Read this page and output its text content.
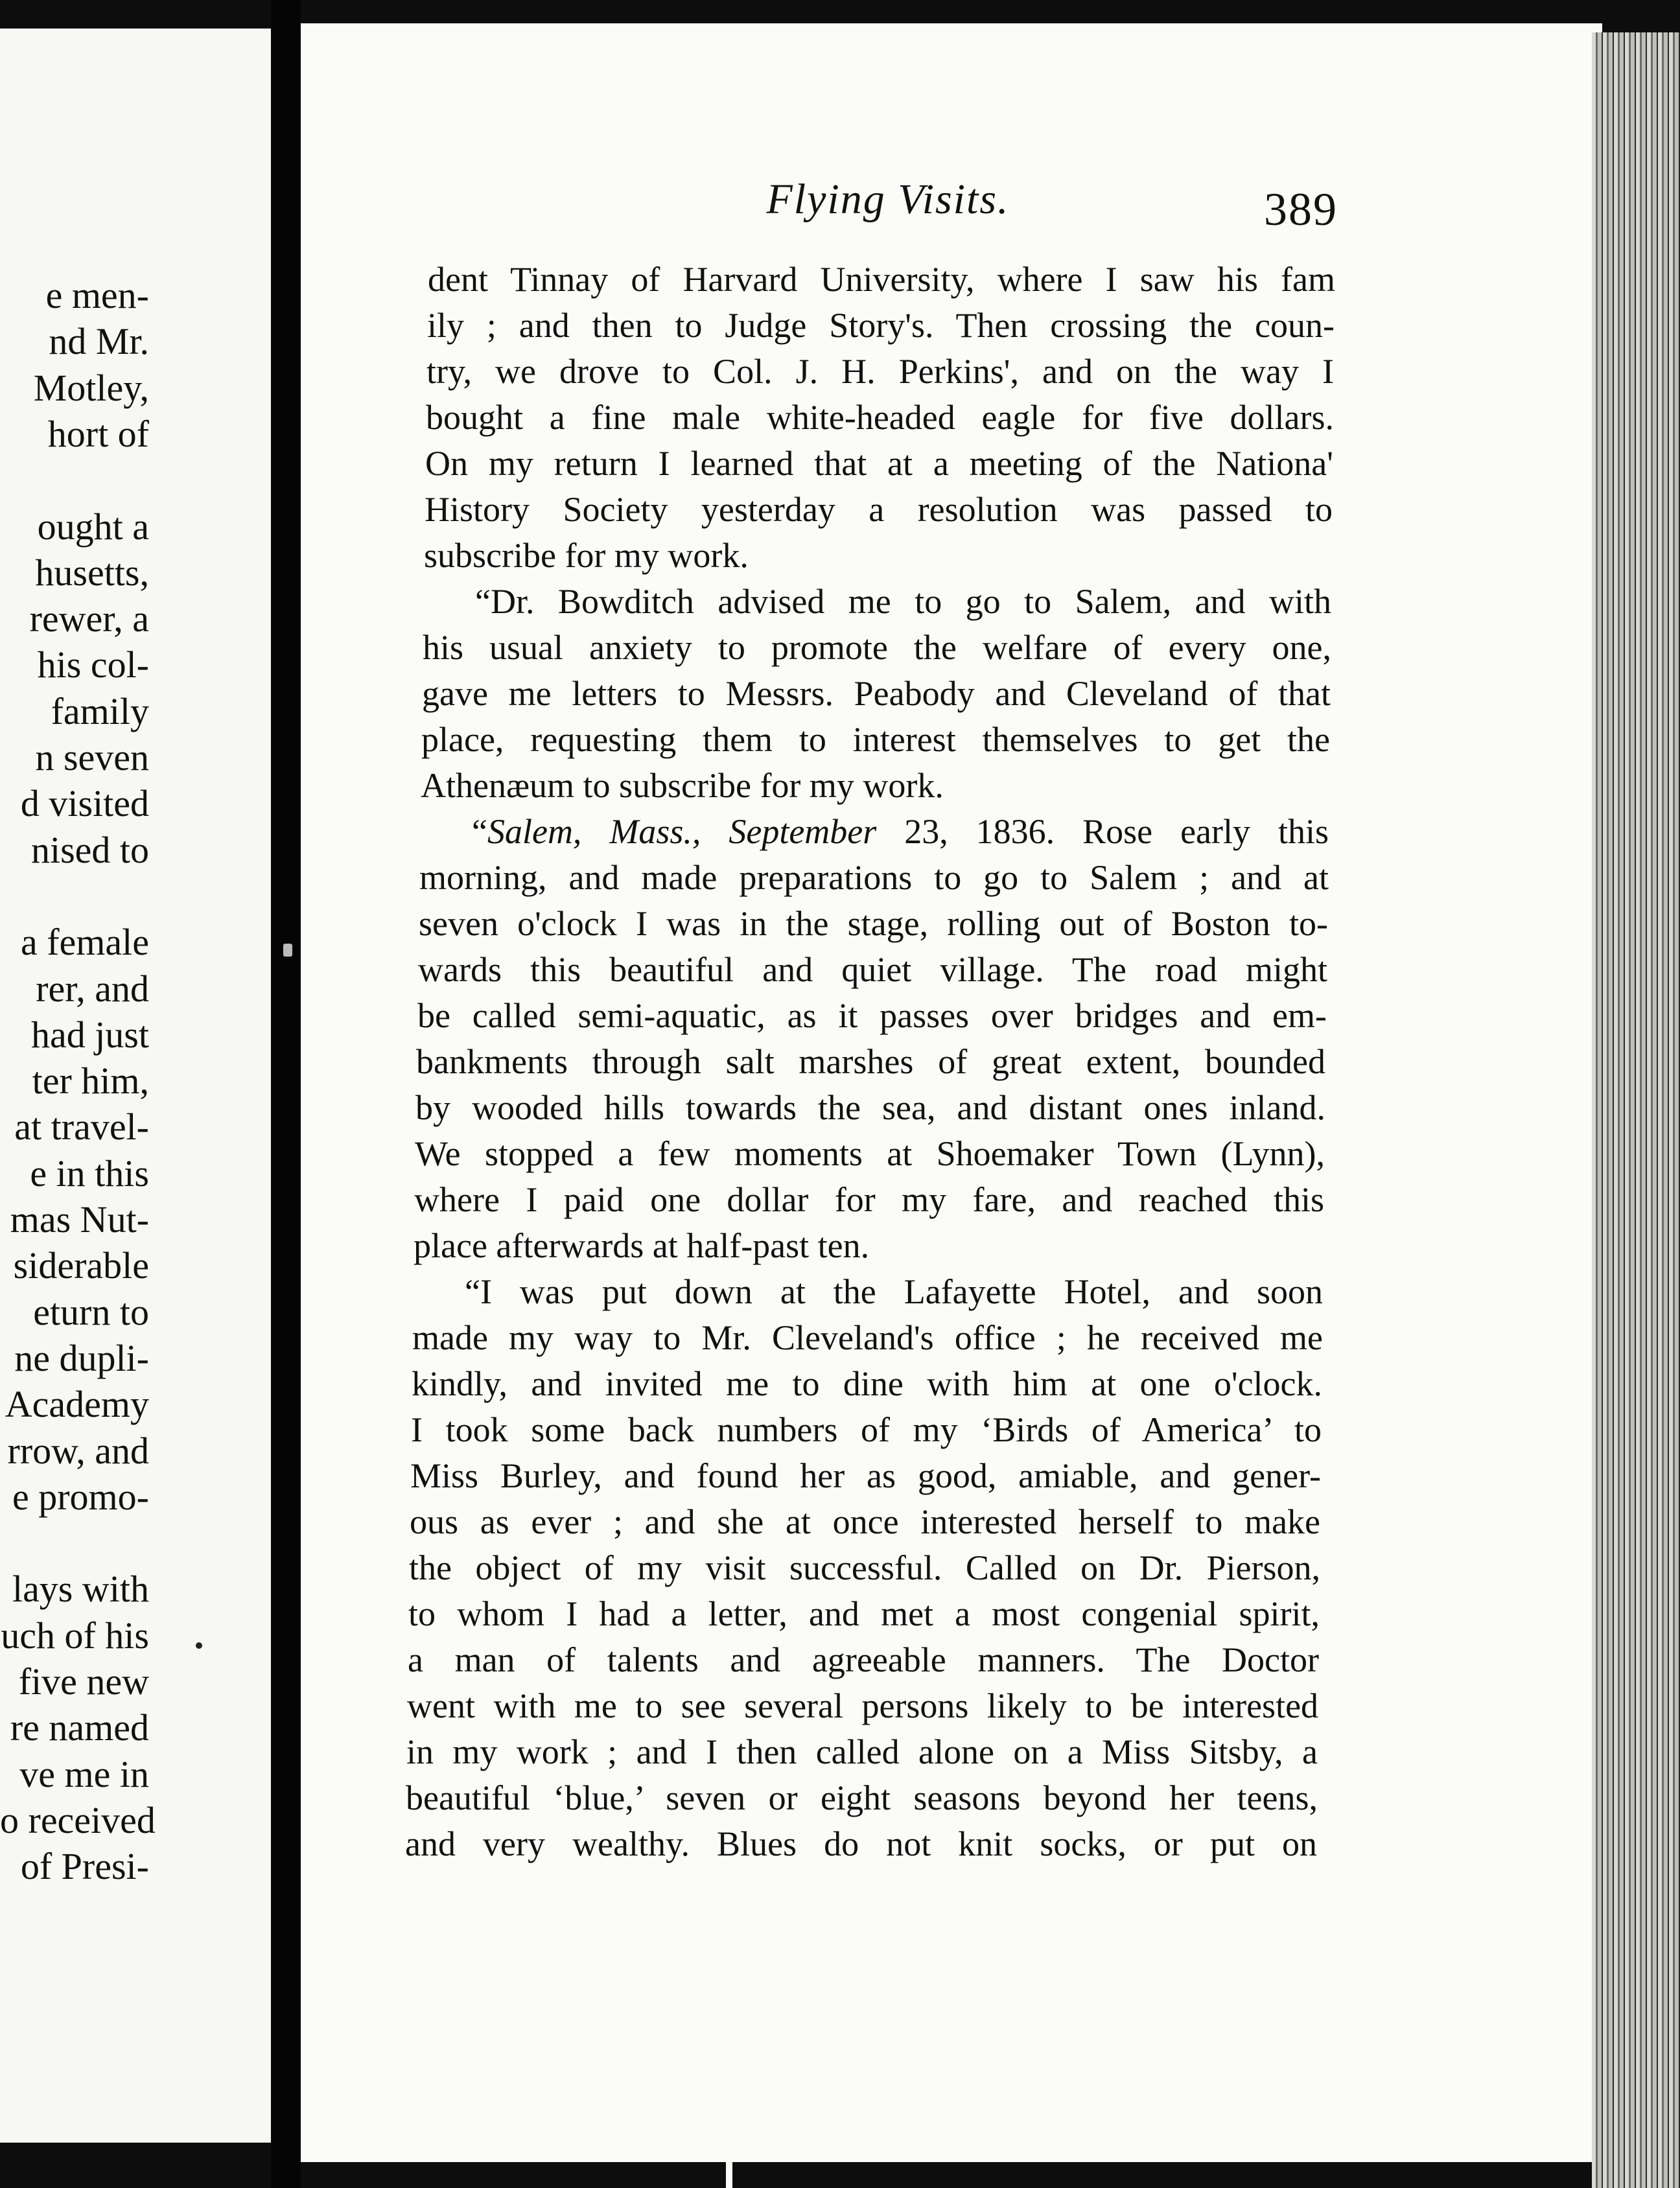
e men-
nd Mr.
Motley,
hort of
ought a
husetts,
rewer, a
his col-
family
n seven
d visited
nised to
a female
rer, and
had just
ter him,
at travel-
e in this
mas Nut-
siderable
eturn to
ne dupli-
Academy
rrow, and
e promo-
lays with
uch of his
five new
re named
ve me in
o received
of Presi-
Flying Visits.	389
dent Tinnay of Harvard University, where I saw his fam
ily ; and then to Judge Story's. Then crossing the coun-
try, we drove to Col. J. H. Perkins', and on the way I
bought a fine male white-headed eagle for five dollars.
On my return I learned that at a meeting of the Nationa'
History Society yesterday a resolution was passed to
subscribe for my work.
“Dr. Bowditch advised me to go to Salem, and with
his usual anxiety to promote the welfare of every one,
gave me letters to Messrs. Peabody and Cleveland of that
place, requesting them to interest themselves to get the
Athenæum to subscribe for my work.
“Salem, Mass., September 23, 1836. Rose early this
morning, and made preparations to go to Salem ; and at
seven o'clock I was in the stage, rolling out of Boston to-
wards this beautiful and quiet village. The road might
be called semi-aquatic, as it passes over bridges and em-
bankments through salt marshes of great extent, bounded
by wooded hills towards the sea, and distant ones inland.
We stopped a few moments at Shoemaker Town (Lynn),
where I paid one dollar for my fare, and reached this
place afterwards at half-past ten.
“I was put down at the Lafayette Hotel, and soon
made my way to Mr. Cleveland's office ; he received me
kindly, and invited me to dine with him at one o'clock.
I took some back numbers of my ‘Birds of America’ to
Miss Burley, and found her as good, amiable, and gener-
ous as ever ; and she at once interested herself to make
the object of my visit successful. Called on Dr. Pierson,
to whom I had a letter, and met a most congenial spirit,
a man of talents and agreeable manners. The Doctor
went with me to see several persons likely to be interested
in my work ; and I then called alone on a Miss Sitsby, a
beautiful ‘blue,’ seven or eight seasons beyond her teens,
and very wealthy. Blues do not knit socks, or put on
